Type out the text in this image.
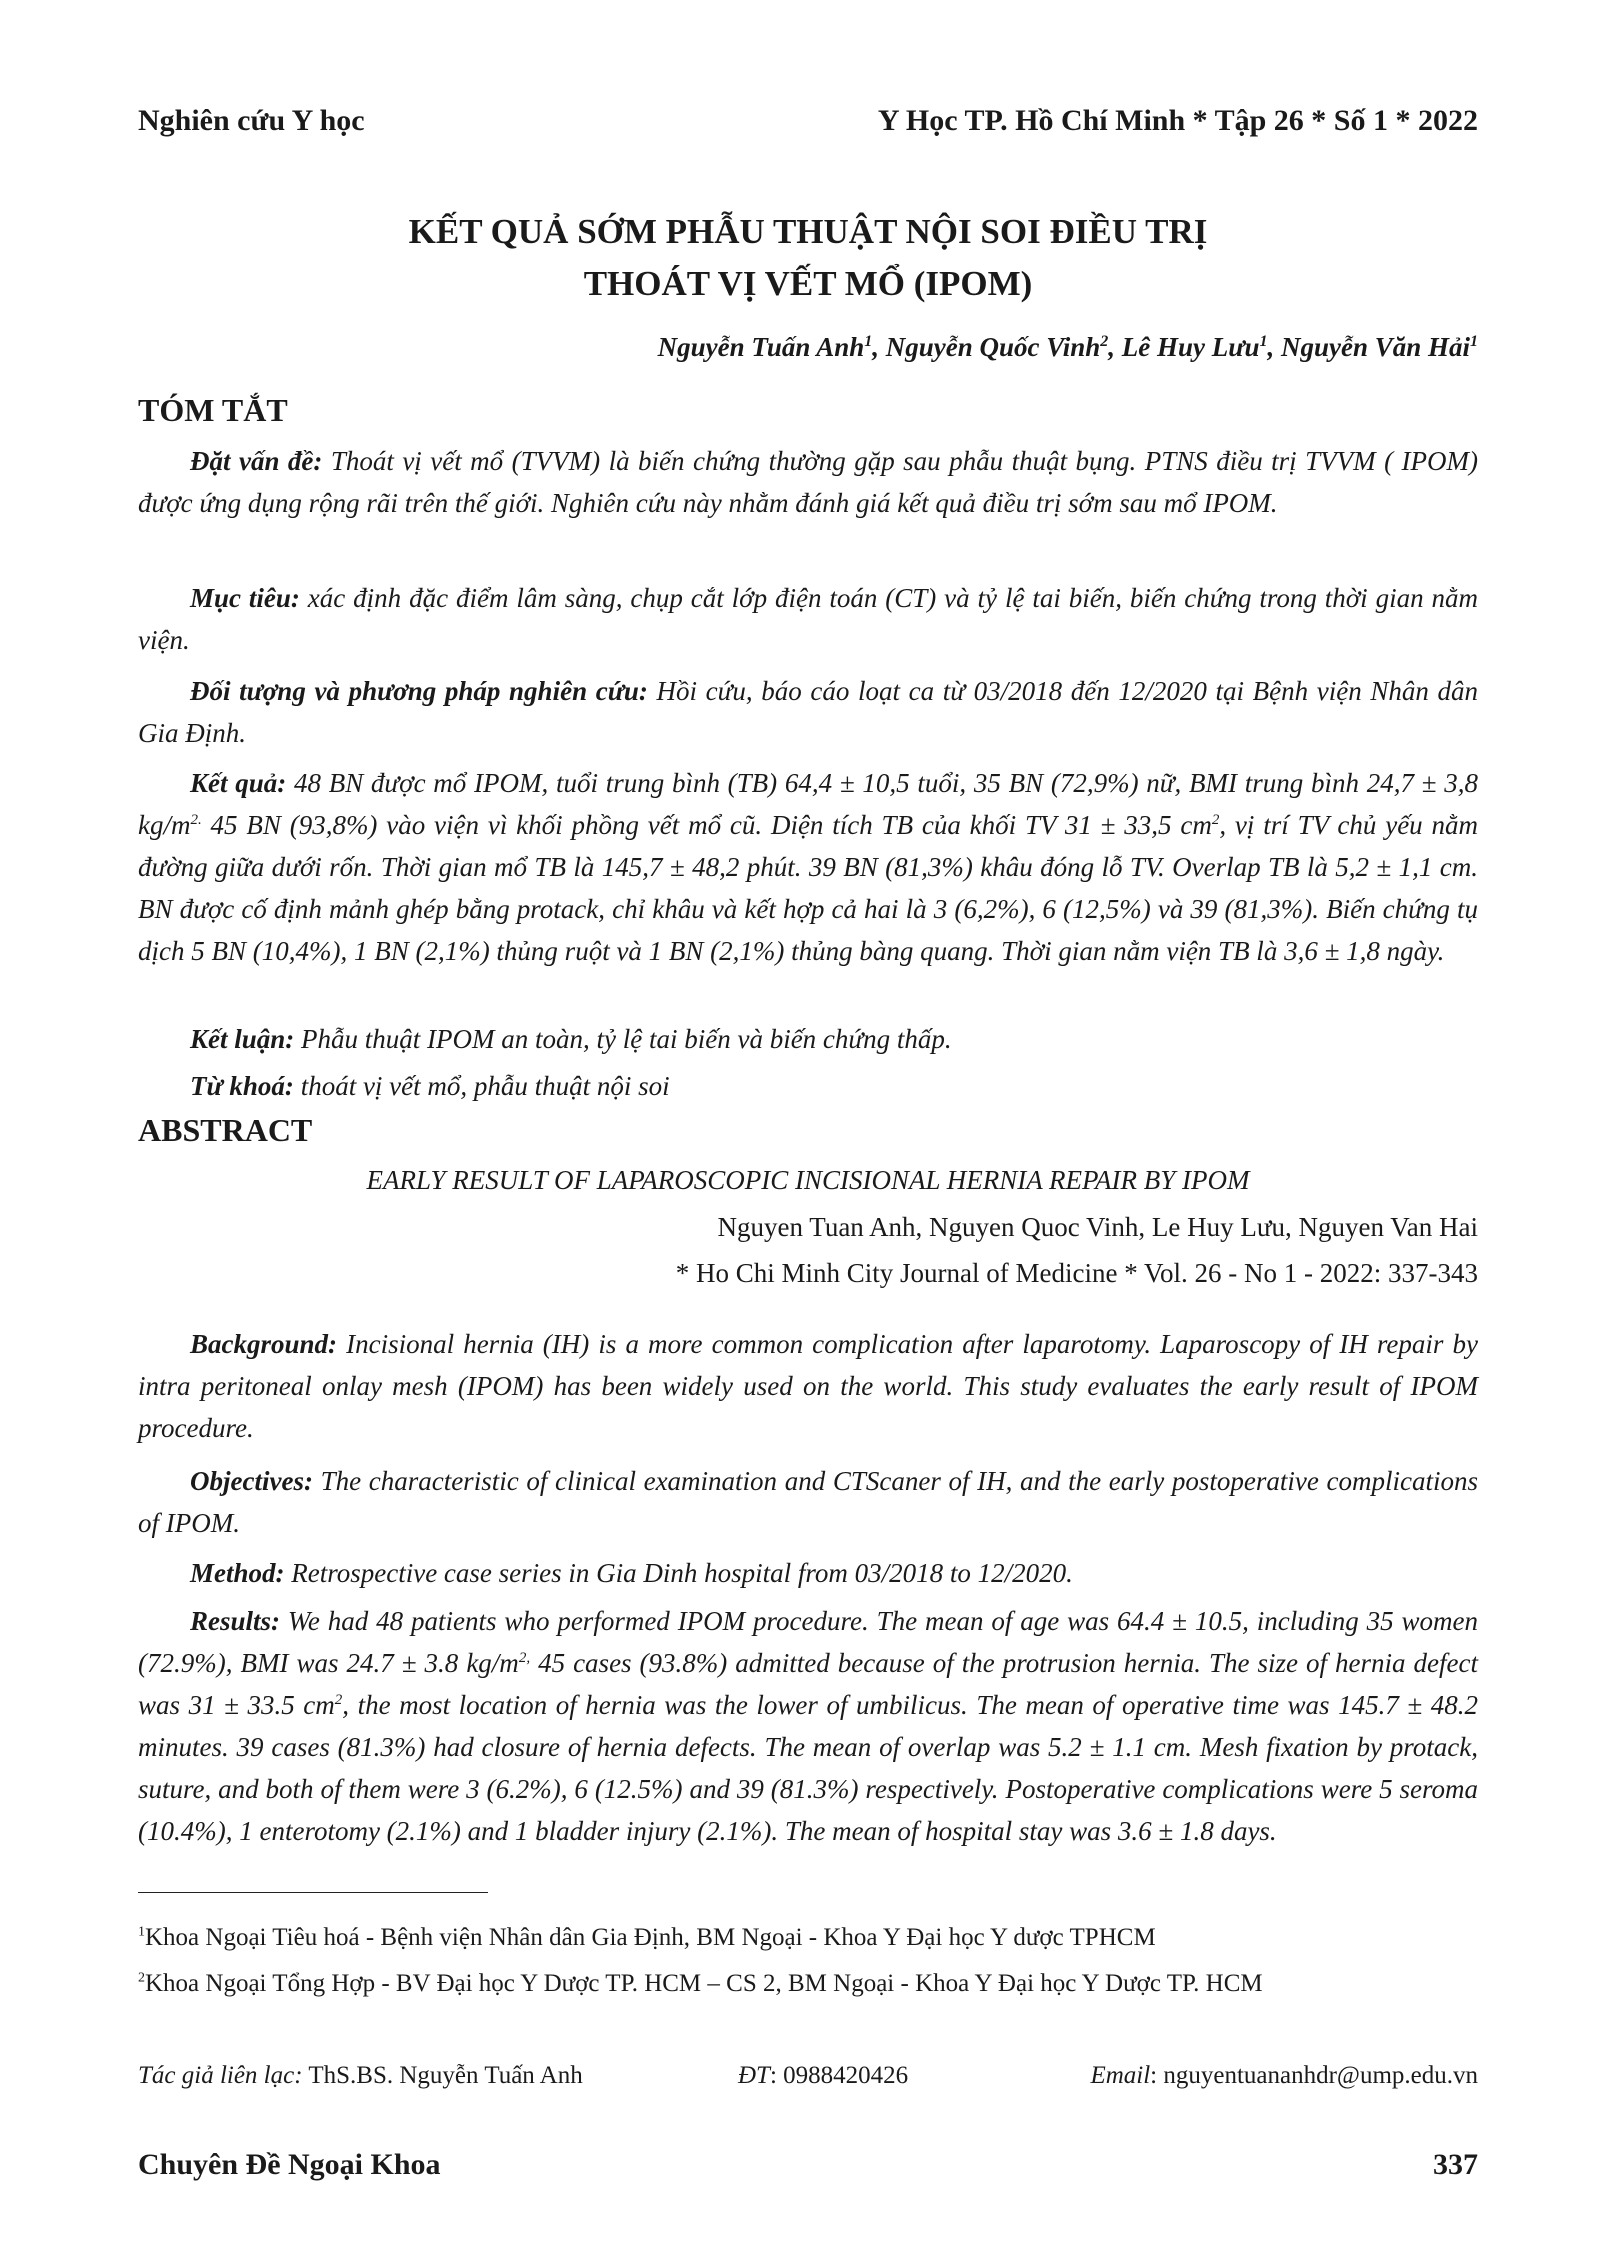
Nghiên cứu Y học	Y Học TP. Hồ Chí Minh * Tập 26 * Số 1 * 2022
KẾT QUẢ SỚM PHẪU THUẬT NỘI SOI ĐIỀU TRỊ
THOÁT VỊ VẾT MỔ (IPOM)
Nguyễn Tuấn Anh$^1$, Nguyễn Quốc Vinh$^2$, Lê Huy Lưu$^1$, Nguyễn Văn Hải$^1$
TÓM TẮT

Đặt vấn đề: Thoát vị vết mổ (TVVM) là biến chứng thường gặp sau phẫu thuật bụng. PTNS điều trị TVVM ( IPOM) được ứng dụng rộng rãi trên thế giới. Nghiên cứu này nhằm đánh giá kết quả điều trị sớm sau mổ IPOM.

Mục tiêu: xác định đặc điểm lâm sàng, chụp cắt lớp điện toán (CT) và tỷ lệ tai biến, biến chứng trong thời gian nằm viện.

Đối tượng và phương pháp nghiên cứu: Hồi cứu, báo cáo loạt ca từ 03/2018 đến 12/2020 tại Bệnh viện Nhân dân Gia Định.

Kết quả: 48 BN được mổ IPOM, tuổi trung bình (TB) 64,4 ± 10,5 tuổi, 35 BN (72,9%) nữ, BMI trung bình 24,7 ± 3,8 $kg/m^{2.}$ 45 BN (93,8%) vào viện vì khối phồng vết mổ cũ. Diện tích TB của khối TV 31 ± 33,5 $cm^2$, vị trí TV chủ yếu nằm đường giữa dưới rốn. Thời gian mổ TB là 145,7 ± 48,2 phút. 39 BN (81,3%) khâu đóng lỗ TV. Overlap TB là 5,2 ± 1,1 cm. BN được cố định mảnh ghép bằng protack, chỉ khâu và kết hợp cả hai là 3 (6,2%), 6 (12,5%) và 39 (81,3%). Biến chứng tụ dịch 5 BN (10,4%), 1 BN (2,1%) thủng ruột và 1 BN (2,1%) thủng bàng quang. Thời gian nằm viện TB là 3,6 ± 1,8 ngày.

Kết luận: Phẫu thuật IPOM an toàn, tỷ lệ tai biến và biến chứng thấp.

Từ khoá: thoát vị vết mổ, phẫu thuật nội soi

ABSTRACT
EARLY RESULT OF LAPAROSCOPIC INCISIONAL HERNIA REPAIR BY IPOM
Nguyen Tuan Anh, Nguyen Quoc Vinh, Le Huy Lưu, Nguyen Van Hai
* Ho Chi Minh City Journal of Medicine * Vol. 26 - No 1 - 2022: 337-343

Background: Incisional hernia (IH) is a more common complication after laparotomy. Laparoscopy of IH repair by intra peritoneal onlay mesh (IPOM) has been widely used on the world. This study evaluates the early result of IPOM procedure.

Objectives: The characteristic of clinical examination and CTScaner of IH, and the early postoperative complications of IPOM.

Method: Retrospective case series in Gia Dinh hospital from 03/2018 to 12/2020.

Results: We had 48 patients who performed IPOM procedure. The mean of age was 64.4 ± 10.5, including 35 women (72.9%), BMI was 24.7 ± 3.8 $kg/m^{2,}$ 45 cases (93.8%) admitted because of the protrusion hernia. The size of hernia defect was 31 ± 33.5 $cm^2$, the most location of hernia was the lower of umbilicus. The mean of operative time was 145.7 ± 48.2 minutes. 39 cases (81.3%) had closure of hernia defects. The mean of overlap was 5.2 ± 1.1 cm. Mesh fixation by protack, suture, and both of them were 3 (6.2%), 6 (12.5%) and 39 (81.3%) respectively. Postoperative complications were 5 seroma (10.4%), 1 enterotomy (2.1%) and 1 bladder injury (2.1%). The mean of hospital stay was 3.6 ± 1.8 days.

$^1$Khoa Ngoại Tiêu hoá - Bệnh viện Nhân dân Gia Định, BM Ngoại - Khoa Y Đại học Y dược TPHCM
$^2$Khoa Ngoại Tổng Hợp - BV Đại học Y Dược TP. HCM – CS 2, BM Ngoại - Khoa Y Đại học Y Dược TP. HCM
Tác giả liên lạc: ThS.BS. Nguyễn Tuấn Anh	ĐT: 0988420426	Email: nguyentuananhdr@ump.edu.vn
Chuyên Đề Ngoại Khoa	337
